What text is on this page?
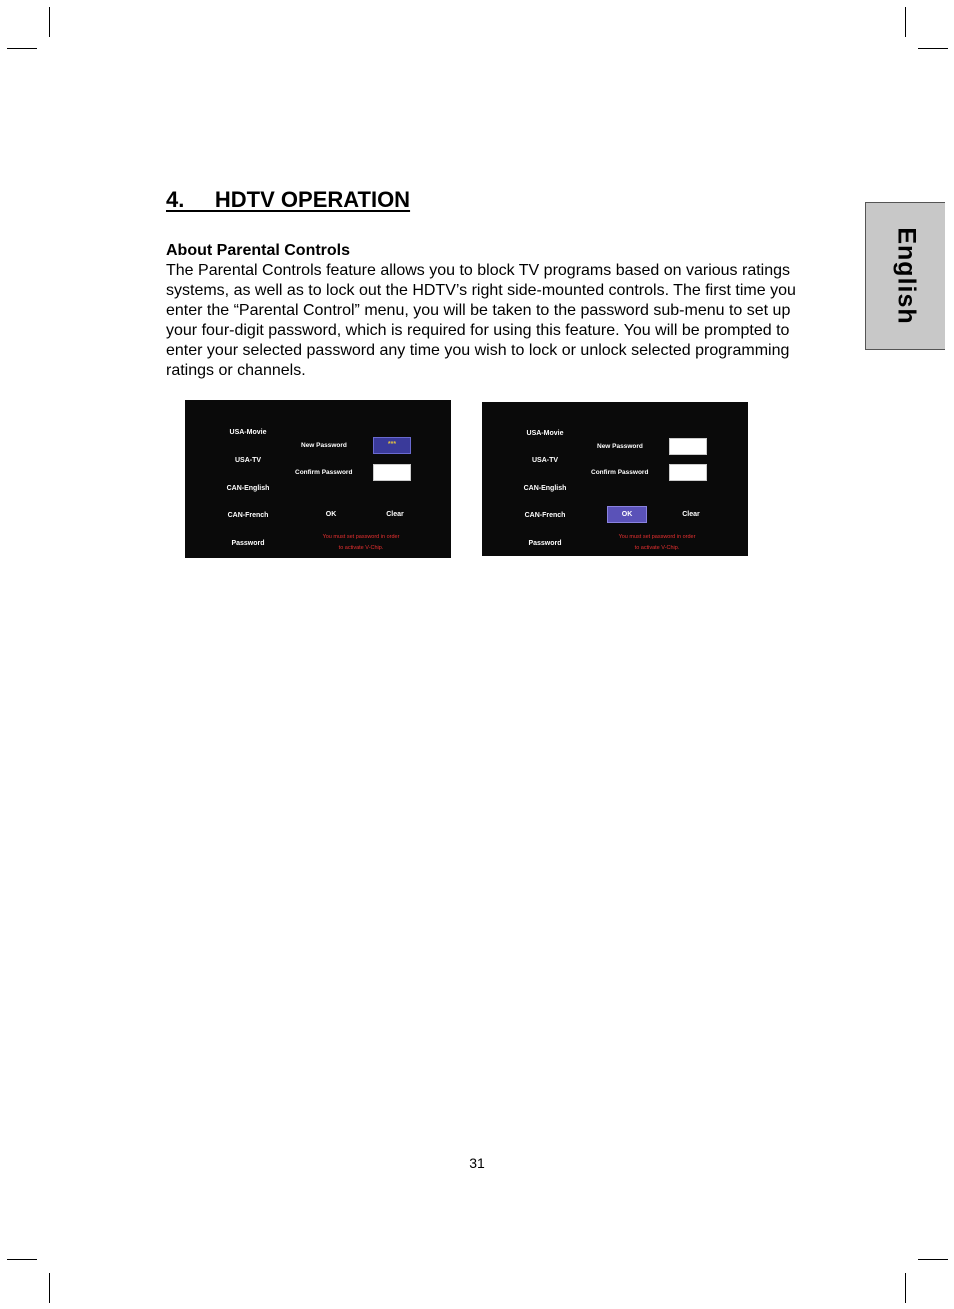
English
4.     HDTV OPERATION
About Parental Controls

The Parental Controls feature allows you to block TV programs based on various ratings systems, as well as to lock out the HDTV’s right side-mounted controls. The first time you enter the “Parental Control” menu, you will be taken to the password sub-menu to set up your four-digit password, which is required for using this feature. You will be prompted to enter your selected password any time you wish to lock or unlock selected programming ratings or channels.

USA-Movie
USA-TV
CAN-English
CAN-French
Password
New Password	***
Confirm Password
OK	Clear
You must set password in order
to activate V-Chip.
USA-Movie
USA-TV
CAN-English
CAN-French
Password
New Password
Confirm Password
OK	Clear
You must set password in order
to activate V-Chip.
31
